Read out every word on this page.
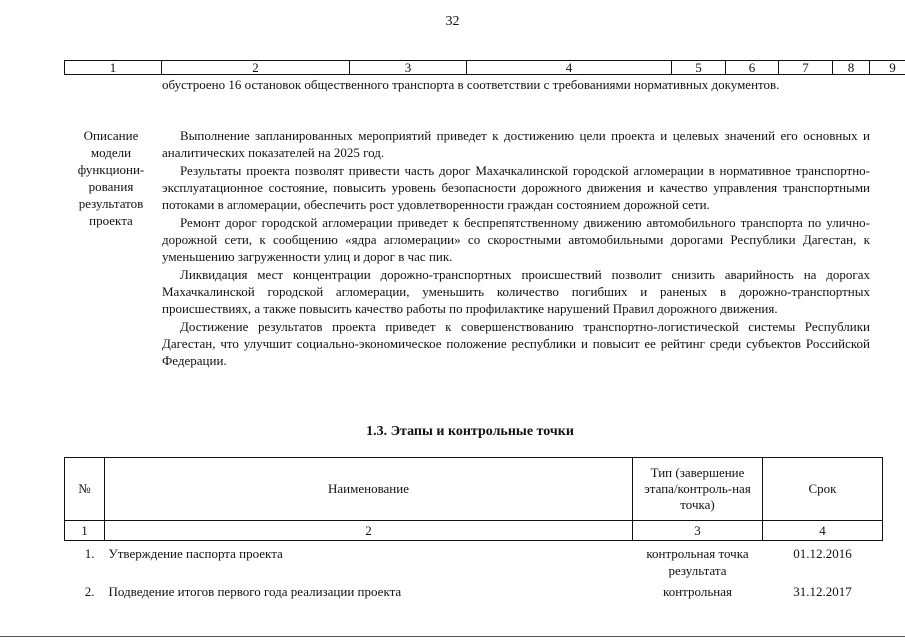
32
1	2	3	4	5	6	7	8	9

обустроено 16 остановок общественного транспорта в соответствии с требованиями нормативных документов.

Описание
модели
функциони-
рования
результатов
проекта

Выполнение запланированных мероприятий приведет к достижению цели проекта и целевых значений его основных и аналитических показателей на 2025 год.

Результаты проекта позволят привести часть дорог Махачкалинской городской агломерации в нормативное транспортно-эксплуатационное состояние, повысить уровень безопасности дорожного движения и качество управления транспортными потоками в агломерации, обеспечить рост удовлетворенности граждан состоянием дорожной сети.

Ремонт дорог городской агломерации приведет к беспрепятственному движению автомобильного транспорта по улично-дорожной сети, к сообщению «ядра агломерации» со скоростными автомобильными дорогами Республики Дагестан, к уменьшению загруженности улиц и дорог в час пик.

Ликвидация мест концентрации дорожно-транспортных происшествий позволит снизить аварийность на дорогах Махачкалинской городской агломерации, уменьшить количество погибших и раненых в дорожно-транспортных происшествиях, а также повысить качество работы по профилактике нарушений Правил дорожного движения.

Достижение результатов проекта приведет к совершенствованию транспортно-логистической системы Республики Дагестан, что улучшит социально-экономическое положение республики и повысит ее рейтинг среди субъектов Российской Федерации.

1.3. Этапы и контрольные точки
№	Наименование	Тип (завершение этапа/контроль-ная точка)	Срок
1	2	3	4
1.	Утверждение паспорта проекта	контрольная точка результата	01.12.2016
2.	Подведение итогов первого года реализации проекта	контрольная	31.12.2017
